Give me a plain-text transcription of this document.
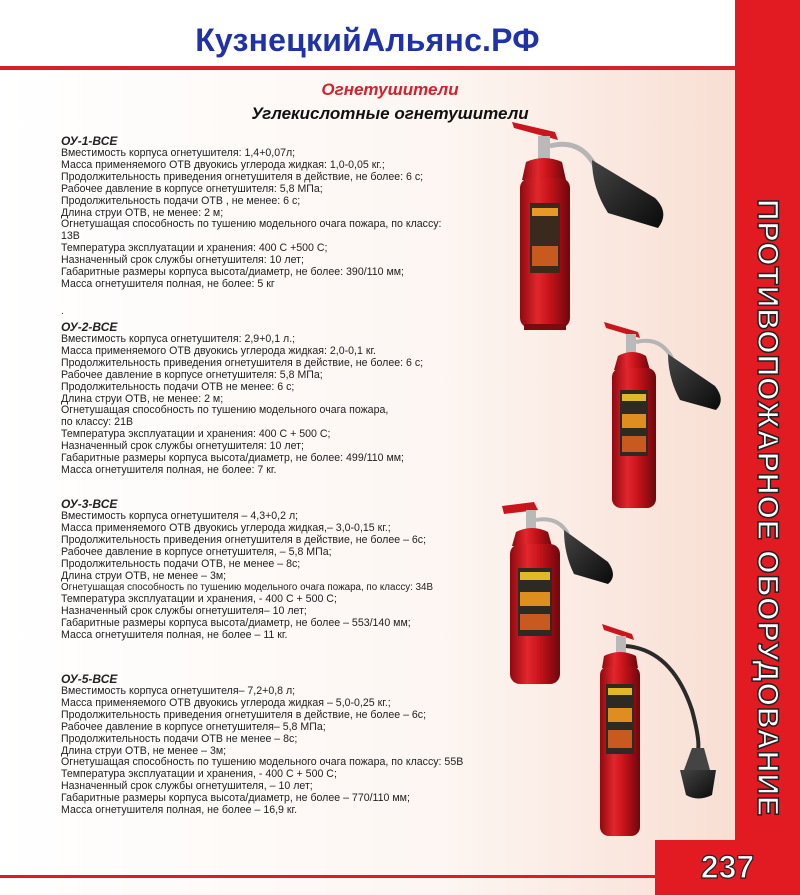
КузнецкийАльянс.РФ
ПРОТИВОПОЖАРНОЕ ОБОРУДОВАНИЕ
237
Огнетушители
Углекислотные огнетушители
ОУ-1-ВСЕ
Вместимость корпуса огнетушителя: 1,4+0,07л;
Масса применяемого ОТВ двуокись углерода жидкая: 1,0-0,05 кг.;
Продолжительность приведения огнетушителя в действие, не более: 6 с;
Рабочее давление в корпусе огнетушителя: 5,8 МПа;
Продолжительность подачи ОТВ , не менее: 6 с;
Длина струи ОТВ, не менее: 2 м;
Огнетушащая способность по тушению модельного очага пожара, по классу:
13В
Температура эксплуатации и хранения: 400 С +500 С;
Назначенный срок службы огнетушителя: 10 лет;
Габаритные размеры корпуса высота/диаметр, не более: 390/110 мм;
Масса огнетушителя полная, не более: 5 кг
.
ОУ-2-ВСЕ
Вместимость корпуса огнетушителя: 2,9+0,1 л.;
Масса применяемого ОТВ двуокись углерода жидкая: 2,0-0,1 кг.
Продолжительность приведения огнетушителя в действие, не более: 6 с;
Рабочее давление в корпусе огнетушителя: 5,8 МПа;
Продолжительность подачи ОТВ не менее: 6 с;
Длина струи ОТВ, не менее: 2 м;
Огнетушащая способность по тушению модельного очага пожара,
по классу: 21В
Температура эксплуатации и хранения: 400 С + 500 С;
Назначенный срок службы огнетушителя: 10 лет;
Габаритные размеры корпуса высота/диаметр, не более: 499/110 мм;
Масса огнетушителя полная, не более: 7 кг.
ОУ-3-ВСЕ
Вместимость корпуса огнетушителя – 4,3+0,2 л;
Масса применяемого ОТВ двуокись углерода жидкая,– 3,0-0,15 кг.;
Продолжительность приведения огнетушителя в действие, не более – 6с;
Рабочее давление в корпусе огнетушителя, – 5,8 МПа;
Продолжительность подачи ОТВ, не менее – 8с;
Длина струи ОТВ, не менее – 3м;
Огнетушащая способность по тушению модельного очага пожара, по классу: 34В
Температура эксплуатации и хранения, - 400 С + 500 С;
Назначенный срок службы огнетушителя– 10 лет;
Габаритные размеры корпуса высота/диаметр, не более – 553/140 мм;
Масса огнетушителя полная, не более – 11 кг.
ОУ-5-ВСЕ
Вместимость корпуса огнетушителя– 7,2+0,8 л;
Масса применяемого ОТВ двуокись углерода жидкая – 5,0-0,25 кг.;
Продолжительность приведения огнетушителя в действие, не более – 6с;
Рабочее давление в корпусе огнетушителя– 5,8 МПа;
Продолжительность подачи ОТВ не менее – 8с;
Длина струи ОТВ, не менее – 3м;
Огнетушащая способность по тушению модельного очага пожара, по классу: 55В
Температура эксплуатации и хранения, - 400 С + 500 С;
Назначенный срок службы огнетушителя, – 10 лет;
Габаритные размеры корпуса высота/диаметр, не более – 770/110 мм;
Масса огнетушителя полная, не более – 16,9 кг.
